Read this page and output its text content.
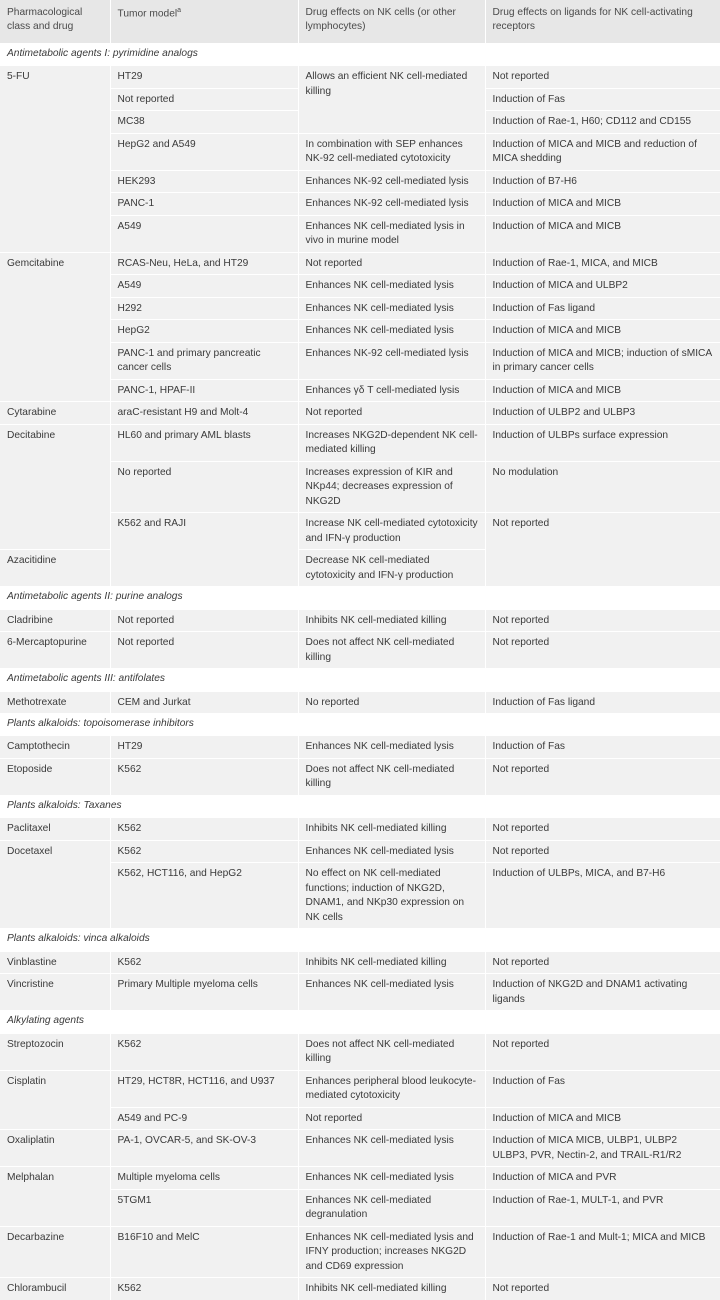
Pharmacological class and drug	Tumor model$^a$	Drug effects on NK cells (or other lymphocytes)	Drug effects on ligands for NK cell-activating receptors
Antimetabolic agents I: pyrimidine analogs			
5-FU	HT29	Allows an efficient NK cell-mediated killing	Not reported
	Not reported		Induction of Fas
	MC38		Induction of Rae-1, H60; CD112 and CD155
	HepG2 and A549	In combination with SEP enhances NK-92 cell-mediated cytotoxicity	Induction of MICA and MICB and reduction of MICA shedding
	HEK293	Enhances NK-92 cell-mediated lysis	Induction of B7-H6
	PANC-1	Enhances NK-92 cell-mediated lysis	Induction of MICA and MICB
	A549	Enhances NK cell-mediated lysis in vivo in murine model	Induction of MICA and MICB
Gemcitabine	RCAS-Neu, HeLa, and HT29	Not reported	Induction of Rae-1, MICA, and MICB
	A549	Enhances NK cell-mediated lysis	Induction of MICA and ULBP2
	H292	Enhances NK cell-mediated lysis	Induction of Fas ligand
	HepG2	Enhances NK cell-mediated lysis	Induction of MICA and MICB
	PANC-1 and primary pancreatic cancer cells	Enhances NK-92 cell-mediated lysis	Induction of MICA and MICB; induction of sMICA in primary cancer cells
	PANC-1, HPAF-II	Enhances γδ T cell-mediated lysis	Induction of MICA and MICB
Cytarabine	araC-resistant H9 and Molt-4	Not reported	Induction of ULBP2 and ULBP3
Decitabine	HL60 and primary AML blasts	Increases NKG2D-dependent NK cell-mediated killing	Induction of ULBPs surface expression
	No reported	Increases expression of KIR and NKp44; decreases expression of NKG2D	No modulation
	K562 and RAJI	Increase NK cell-mediated cytotoxicity and IFN-γ production	Not reported
Azacitidine		Decrease NK cell-mediated cytotoxicity and IFN-γ production	
Antimetabolic agents II: purine analogs			
Cladribine	Not reported	Inhibits NK cell-mediated killing	Not reported
6-Mercaptopurine	Not reported	Does not affect NK cell-mediated killing	Not reported
Antimetabolic agents III: antifolates			
Methotrexate	CEM and Jurkat	No reported	Induction of Fas ligand
Plants alkaloids: topoisomerase inhibitors			
Camptothecin	HT29	Enhances NK cell-mediated lysis	Induction of Fas
Etoposide	K562	Does not affect NK cell-mediated killing	Not reported
Plants alkaloids: Taxanes			
Paclitaxel	K562	Inhibits NK cell-mediated killing	Not reported
Docetaxel	K562	Enhances NK cell-mediated lysis	Not reported
	K562, HCT116, and HepG2	No effect on NK cell-mediated functions; induction of NKG2D, DNAM1, and NKp30 expression on NK cells	Induction of ULBPs, MICA, and B7-H6
Plants alkaloids: vinca alkaloids			
Vinblastine	K562	Inhibits NK cell-mediated killing	Not reported
Vincristine	Primary Multiple myeloma cells	Enhances NK cell-mediated lysis	Induction of NKG2D and DNAM1 activating ligands
Alkylating agents			
Streptozocin	K562	Does not affect NK cell-mediated killing	Not reported
Cisplatin	HT29, HCT8R, HCT116, and U937	Enhances peripheral blood leukocyte-mediated cytotoxicity	Induction of Fas
	A549 and PC-9	Not reported	Induction of MICA and MICB
Oxaliplatin	PA-1, OVCAR-5, and SK-OV-3	Enhances NK cell-mediated lysis	Induction of MICA MICB, ULBP1, ULBP2 ULBP3, PVR, Nectin-2, and TRAIL-R1/R2
Melphalan	Multiple myeloma cells	Enhances NK cell-mediated lysis	Induction of MICA and PVR
	5TGM1	Enhances NK cell-mediated degranulation	Induction of Rae-1, MULT-1, and PVR
Decarbazine	B16F10 and MelC	Enhances NK cell-mediated lysis and IFNΥ production; increases NKG2D and CD69 expression	Induction of Rae-1 and Mult-1; MICA and MICB
Chlorambucil	K562	Inhibits NK cell-mediated killing	Not reported
